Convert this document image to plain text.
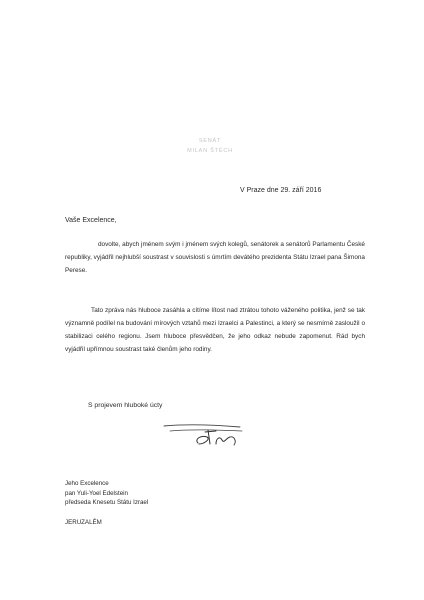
SENÁT
MILAN ŠTĚCH
V Praze dne 29. září 2016
Vaše Excelence,

dovolte, abych jménem svým i jménem svých kolegů, senátorek a senátorů Parlamentu České republiky, vyjádřil nejhlubší soustrast v souvislosti s úmrtím devátého prezidenta Státu Izrael pana Šimona Perese.

Tato zpráva nás hluboce zasáhla a cítíme lítost nad ztrátou tohoto váženého politika, jenž se tak významně podílel na budování mírových vztahů mezi Izraelci a Palestinci, a který se nesmírně zasloužil o stabilizaci celého regionu. Jsem hluboce přesvědčen, že jeho odkaz nebude zapomenut. Rád bych vyjádřil upřímnou soustrast také členům jeho rodiny.

S projevem hluboké úcty
Jeho Excelence
pan Yuli-Yoel Edelstein
předseda Knesetu Státu Izrael
JERUZALÉM
